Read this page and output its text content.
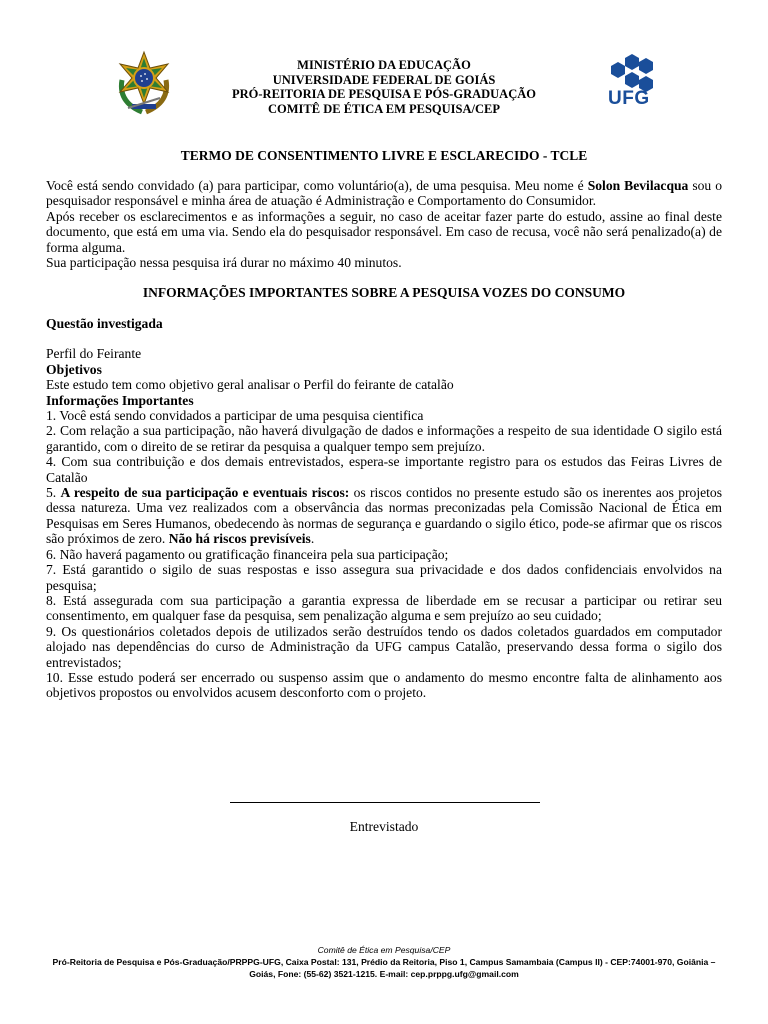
MINISTÉRIO DA EDUCAÇÃO
UNIVERSIDADE FEDERAL DE GOIÁS
PRÓ-REITORIA DE PESQUISA E PÓS-GRADUAÇÃO
COMITÊ DE ÉTICA EM PESQUISA/CEP	UFG
TERMO DE CONSENTIMENTO LIVRE E ESCLARECIDO - TCLE

Você está sendo convidado (a) para participar, como voluntário(a), de uma pesquisa. Meu nome é Solon Bevilacqua sou o pesquisador responsável e minha área de atuação é Administração e Comportamento do Consumidor.

Após receber os esclarecimentos e as informações a seguir, no caso de aceitar fazer parte do estudo, assine ao final deste documento, que está em uma via. Sendo ela do pesquisador responsável. Em caso de recusa, você não será penalizado(a) de forma alguma.

Sua participação nessa pesquisa irá durar no máximo 40 minutos.

INFORMAÇÕES IMPORTANTES SOBRE A PESQUISA VOZES DO CONSUMO

Questão investigada

Perfil do Feirante

Objetivos

Este estudo tem como objetivo geral analisar o Perfil do feirante de catalão

Informações Importantes

1. Você está sendo convidados a participar de uma pesquisa cientifica

2. Com relação a sua participação, não haverá divulgação de dados e informações a respeito de sua identidade O sigilo está garantido, com o direito de se retirar da pesquisa a qualquer tempo sem prejuízo.

4. Com sua contribuição e dos demais entrevistados, espera-se importante registro para os estudos das Feiras Livres de Catalão

5. A respeito de sua participação e eventuais riscos: os riscos contidos no presente estudo são os inerentes aos projetos dessa natureza. Uma vez realizados com a observância das normas preconizadas pela Comissão Nacional de Ética em Pesquisas em Seres Humanos, obedecendo às normas de segurança e guardando o sigilo ético, pode-se afirmar que os riscos são próximos de zero. Não há riscos previsíveis.

6. Não haverá pagamento ou gratificação financeira pela sua participação;

7. Está garantido o sigilo de suas respostas e isso assegura sua privacidade e dos dados confidenciais envolvidos na pesquisa;

8. Está assegurada com sua participação a garantia expressa de liberdade em se recusar a participar ou retirar seu consentimento, em qualquer fase da pesquisa, sem penalização alguma e sem prejuízo ao seu cuidado;

9. Os questionários coletados depois de utilizados serão destruídos tendo os dados coletados guardados em computador alojado nas dependências do curso de Administração da UFG campus Catalão, preservando dessa forma o sigilo dos entrevistados;

10. Esse estudo poderá ser encerrado ou suspenso assim que o andamento do mesmo encontre falta de alinhamento aos objetivos propostos ou envolvidos acusem desconforto com o projeto.

Entrevistado
Comitê de Ética em Pesquisa/CEP
Pró-Reitoria de Pesquisa e Pós-Graduação/PRPPG-UFG, Caixa Postal: 131, Prédio da Reitoria, Piso 1, Campus Samambaia (Campus II) - CEP:74001-970, Goiânia –
Goiás, Fone: (55-62) 3521-1215. E-mail: cep.prppg.ufg@gmail.com
